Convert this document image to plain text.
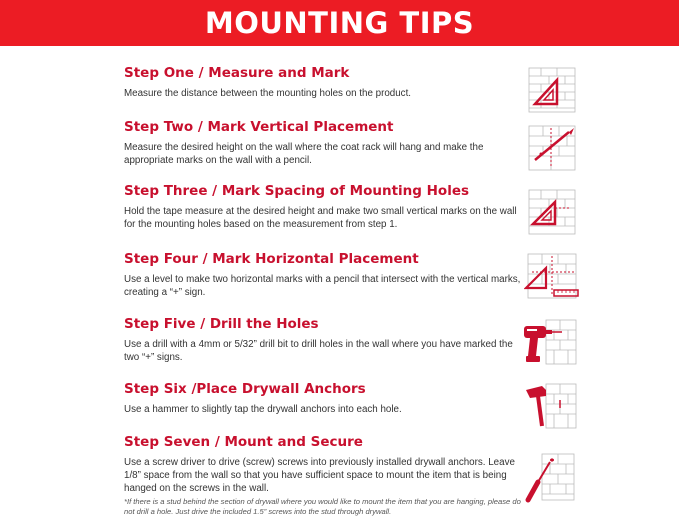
MOUNTING TIPS
Step One / Measure and Mark
Measure the distance between the mounting holes on the product.
Step Two / Mark Vertical Placement
Measure the desired height on the wall where the coat rack will hang and make the appropriate marks on the wall with a pencil.
Step Three / Mark Spacing of Mounting Holes
Hold the tape measure at the desired height and make two small vertical marks on the wall for the mounting holes based on the measurement from step 1.
Step Four / Mark Horizontal Placement
Use a level to make two horizontal marks with a pencil that intersect with the vertical marks, creating a “+” sign.
Step Five / Drill the Holes
Use a drill with a 4mm or 5/32” drill bit to drill holes in the wall where you have marked the two “+” signs.
Step Six /Place Drywall Anchors
Use a hammer to slightly tap the drywall anchors into each hole.
Step Seven / Mount and Secure
Use a screw driver to drive (screw) screws into previously installed drywall anchors. Leave 1/8” space from the wall so that you have sufficient space to mount the item that is being hanged on the screws in the wall.
*If there is a stud behind the section of drywall where you would like to mount the item that you are hanging, please do not drill a hole. Just drive the included 1.5” screws into the stud through drywall.
